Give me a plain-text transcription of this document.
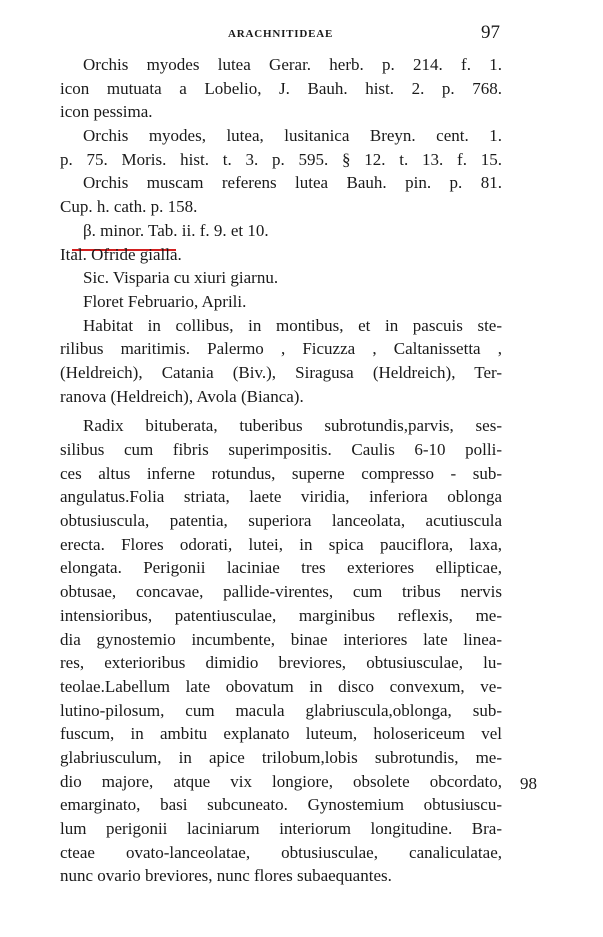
ARACHNITIDEAE	97
Orchis myodes lutea Gerar. herb. p. 214. f. 1.
icon mutuata a Lobelio, J. Bauh. hist. 2. p. 768.
icon pessima.
Orchis myodes, lutea, lusitanica Breyn. cent. 1.
p. 75. Moris. hist. t. 3. p. 595. § 12. t. 13. f. 15.
Orchis muscam referens lutea Bauh. pin. p. 81.
Cup. h. cath. p. 158.
β. minor. Tab. ii. f. 9. et 10.
Ital. Ofride gialla.
Sic. Visparia cu xiuri giarnu.
Floret Februario, Aprili.
Habitat in collibus, in montibus, et in pascuis ste-
rilibus maritimis. Palermo , Ficuzza , Caltanissetta ,
(Heldreich), Catania (Biv.), Siragusa (Heldreich), Ter-
ranova (Heldreich), Avola (Bianca).
Radix bituberata, tuberibus subrotundis,parvis, ses-
silibus cum fibris superimpositis. Caulis 6-10 polli-
ces altus inferne rotundus, superne compresso - sub-
angulatus.Folia striata, laete viridia, inferiora oblonga
obtusiuscula, patentia, superiora lanceolata, acutiuscula
erecta. Flores odorati, lutei, in spica pauciflora, laxa,
elongata. Perigonii laciniae tres exteriores ellipticae,
obtusae, concavae, pallide-virentes, cum tribus nervis
intensioribus, patentiusculae, marginibus reflexis, me-
dia gynostemio incumbente, binae interiores late linea-
res, exterioribus dimidio breviores, obtusiusculae, lu-
teolae.Labellum late obovatum in disco convexum, ve-
lutino-pilosum, cum macula glabriuscula,oblonga, sub-
fuscum, in ambitu explanato luteum, holosericeum vel
glabriusculum, in apice trilobum,lobis subrotundis, me-
dio majore, atque vix longiore, obsolete obcordato,
emarginato, basi subcuneato. Gynostemium obtusiuscu-
lum perigonii laciniarum interiorum longitudine. Bra-
cteae ovato-lanceolatae, obtusiusculae, canaliculatae,
nunc ovario breviores, nunc flores subaequantes.
98
